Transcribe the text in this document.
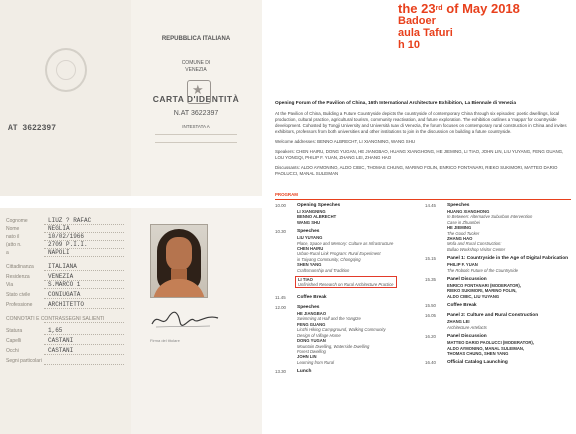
AT 3622397
REPUBBLICA ITALIANA
COMUNE DI
VENEZIA
CARTA D'IDENTITÀ
N.AT 3622397
INTESTATA A
★
Cognome	LIUZ ? RAFAC
Nome	NEGLIA
nato il	10/02/1966
(atto n.	2709 P.I.I.
a	NAPOLI
Cittadinanza ITALIANA
Residenza	VENEZIA
Via	S.MARCO 1
Stato civile	CONIUGATA
Professione	ARCHITETTO
CONNOTATI E CONTRASSEGNI SALIENTI
Statura	1,65
Capelli	CASTANI
Occhi	CASTANI
Segni particolari
Firma del titolare
the 23rd of May 2018
Badoer
aula Tafuri
h 10
Opening Forum of the Pavilion of China, 16th International Architecture Exhibition, La Biennale di Venezia

At the Pavilion of China, Building a Future Countryside depicts the countryside of contemporary China through six episodes: poetic dwellings, local production, cultural practice, agricultural tourism, community reactivation, and future exploration. The exhibition outlines a 'mappa' for countryside development. Cohosted by Tongji University and Università Iuav di Venezia, the forum focuses on contemporary rural construction in China and invites exhibitors, professors from both universities and other institutions to join in the discussion on building a future countryside.

Welcome addresses: BENNO ALBRECHT, LI XIANGNING, WANG SHU

Speakers: CHEN HAIRU, DONG YUGAN, HE JIANGBAO, HUANG XIANGHONG, HE JIEMING, LI TIAO, JOHN LIN, LIU YUYANG, FENG GUANG, LOU YONGQI, PHILIP F. YUAN, ZHANG LEI, ZHANG HAO

Discussants: ALDO AYMONINO, ALDO CIBIC, THOMAS CHUNG, MARINO FOLIN, ENRICO FONTANARI, RIEKO SUKIMORI, MATTEO DARIO PAOLUCCI, MANAL SULEIMAN

PROGRAM
10.00 Opening Speeches
LI XIANGNING
BENNO ALBRECHT
WANG SHU
10.30 Speeches
LIU YUYANG
Place, Space and Memory: Culture as Infrastructure
CHEN HAIRU
Urban-Rural Link Program: Rural Experiment
in Taiyang Community, Chongqing
SHEN YANG
Craftsmanship and Tradition
LI TIAO
Unfinished Research on Rural Architecture Practice
11.45 Coffee Break
12.00 Speeches
HE JIANGBAO
Swimming at Half and the Yangtze
FENG GUANG
Linzhi Hiking Campground, Walking Community
Design of Village Home
DONG YUGAN
Mountain Dwelling, Waterside Dwelling
Forest Dwelling
JOHN LIN
Learning from Rural
13.30 Lunch
14.45 Speeches
HUANG XIANGHONG
In Between: Alternative Suburban Intervention
Case in Zhuanbei
HE JIEMING
The Good Tucker
ZHANG HAO
Mofa and Rural Construction:
Bullao Workshop Visitor Center
15.15 Panel 1: Countryside in the Age of Digital Fabrication
PHILIP F. YUAN
The Robotic Future of the Countryside
15.35 Panel Discussion
ENRICO FONTANARI (MODERATOR),
RIEKO SUKIMORI, MARINO FOLIN,
ALDO CIBIC, LIU YUYANG
15.50 Coffee Break
16.05 Panel 2: Culture and Rural Construction
ZHANG LEI
Architecture Artefacts
16.20 Panel Discussion
MATTEO DARIO PAOLUCCI (MODERATOR),
ALDO AYMONINO, MANAL SULEIMAN,
THOMAS CHUNG, SHEN YANG
16.40 Official Catalog Launching
